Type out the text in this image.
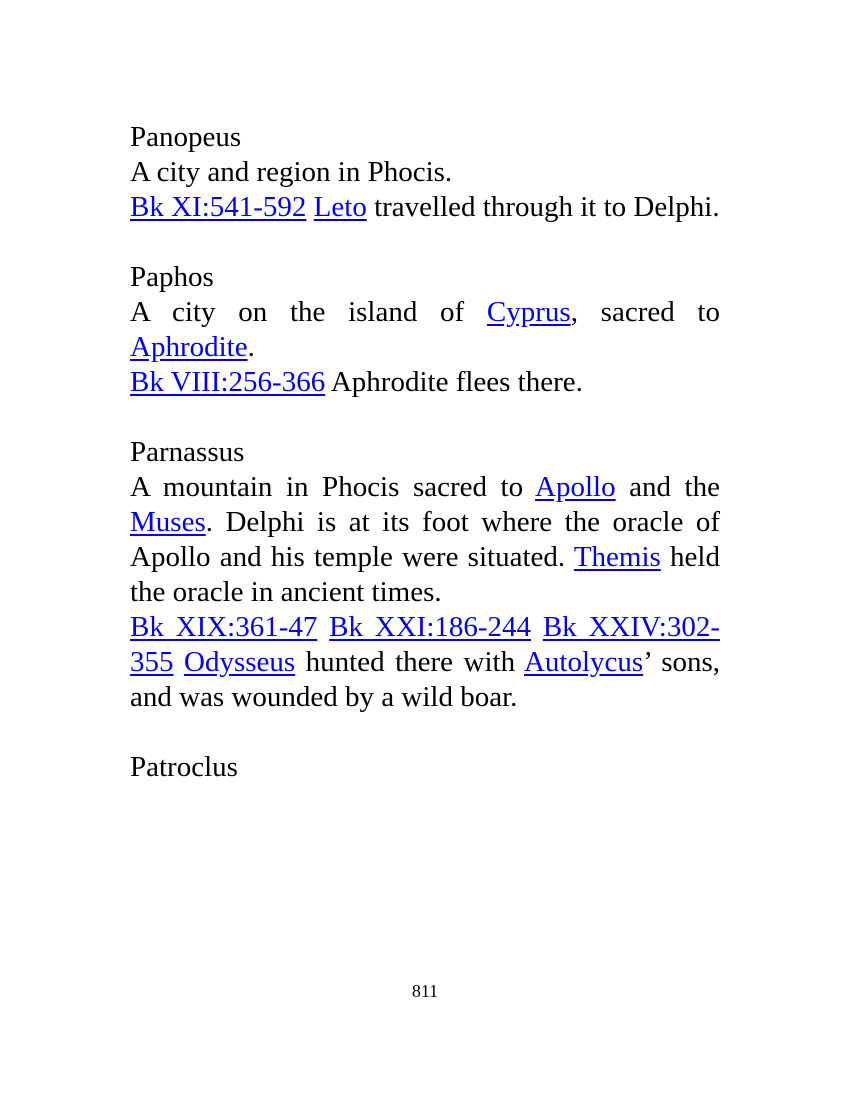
Panopeus

A city and region in Phocis.

Bk XI:541-592 Leto travelled through it to Delphi.

Paphos

A city on the island of Cyprus, sacred to Aphrodite.

Bk VIII:256-366 Aphrodite flees there.

Parnassus

A mountain in Phocis sacred to Apollo and the Muses. Delphi is at its foot where the oracle of Apollo and his temple were situated. Themis held the oracle in ancient times.

Bk XIX:361-47 Bk XXI:186-244 Bk XXIV:302-355 Odysseus hunted there with Autolycus’ sons, and was wounded by a wild boar.

Patroclus

811
